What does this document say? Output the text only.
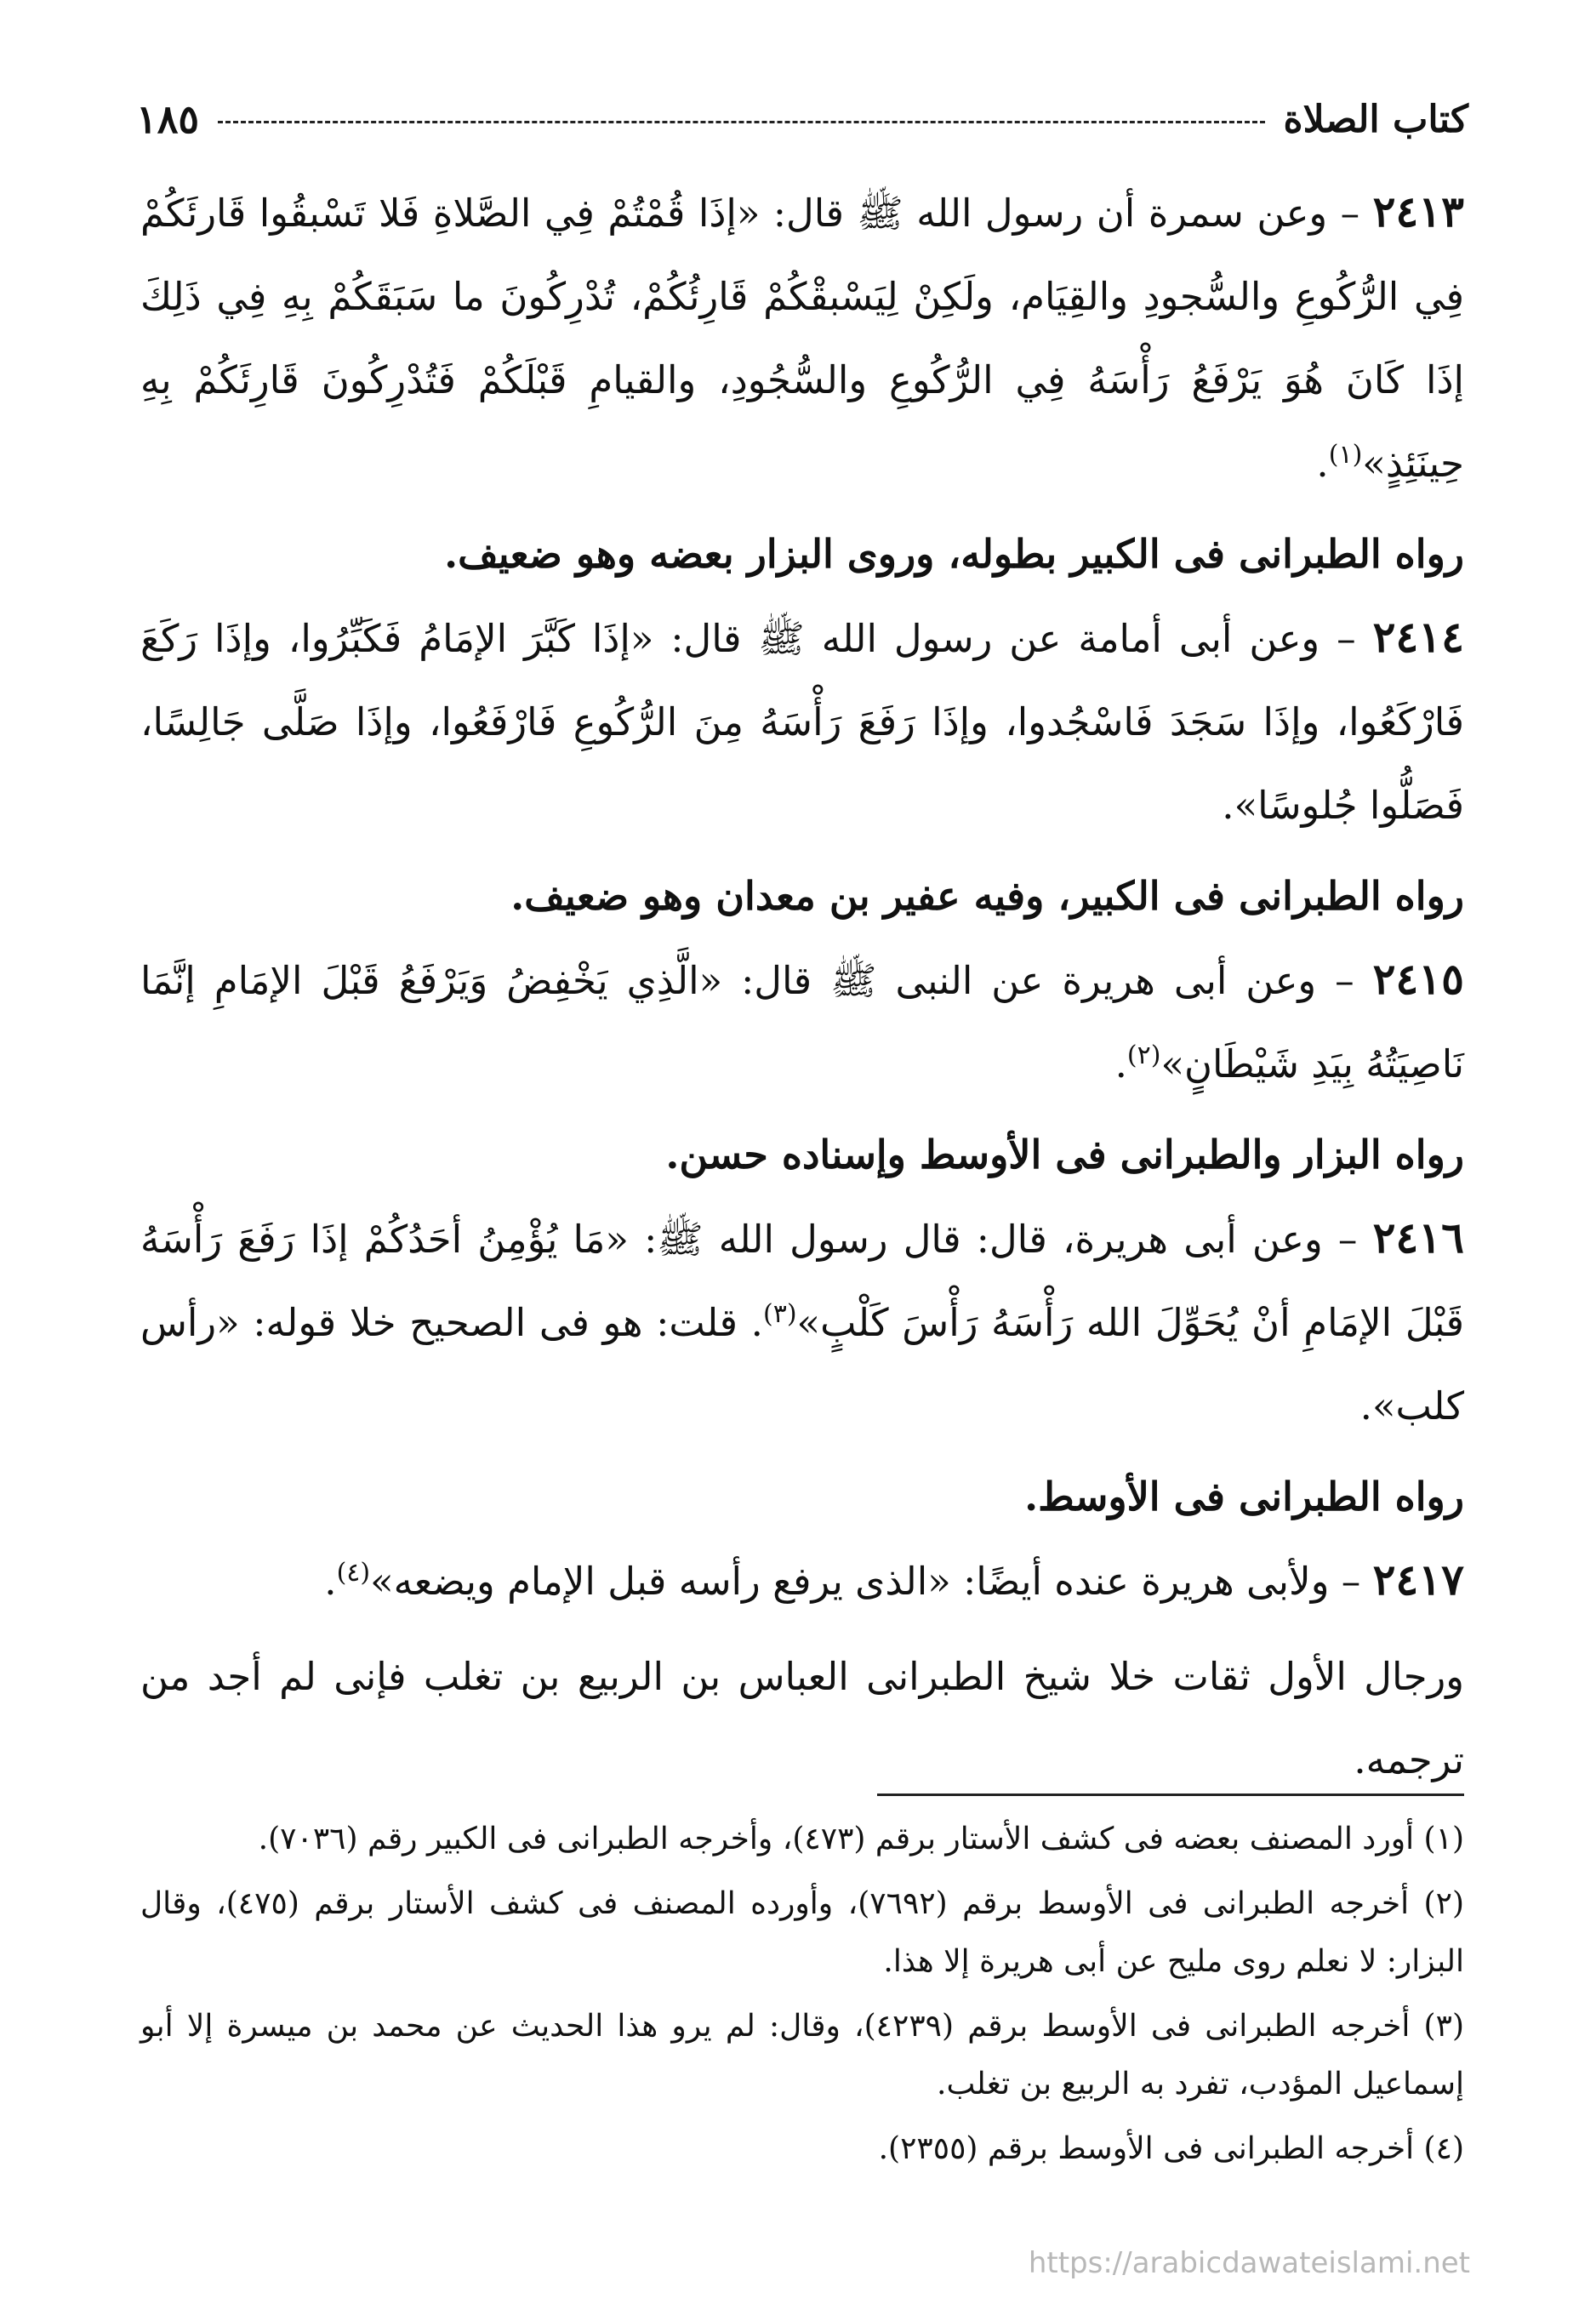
كتاب الصلاة
١٨٥

٢٤١٣ – وعن سمرة أن رسول الله ﷺ قال: «إذَا قُمْتُمْ فِي الصَّلاةِ فَلا تَسْبقُوا قَارئَكُمْ فِي الرُّكُوعِ والسُّجودِ والقِيَام، ولَكِنْ لِيَسْبقْكُمْ قَارِئُكُمْ، تُدْرِكُونَ ما سَبَقَكُمْ بِهِ فِي ذَلِكَ إذَا كَانَ هُوَ يَرْفَعُ رَأْسَهُ فِي الرُّكُوعِ والسُّجُودِ، والقيامِ قَبْلَكُمْ فَتُدْرِكُونَ قَارِئَكُمْ بِهِ حِينَئِذٍ»$^{(١)}$.

رواه الطبرانى فى الكبير بطوله، وروى البزار بعضه وهو ضعيف.

٢٤١٤ – وعن أبى أمامة عن رسول الله ﷺ قال: «إذَا كَبَّرَ الإمَامُ فَكَبِّرُوا، وإذَا رَكَعَ فَارْكَعُوا، وإذَا سَجَدَ فَاسْجُدوا، وإذَا رَفَعَ رَأْسَهُ مِنَ الرُّكُوعِ فَارْفَعُوا، وإذَا صَلَّى جَالِسًا، فَصَلُّوا جُلوسًا».

رواه الطبرانى فى الكبير، وفيه عفير بن معدان وهو ضعيف.

٢٤١٥ – وعن أبى هريرة عن النبى ﷺ قال: «الَّذِي يَخْفِضُ وَيَرْفَعُ قَبْلَ الإمَامِ إنَّمَا نَاصِيَتُهُ بِيَدِ شَيْطَانٍ»$^{(٢)}$.

رواه البزار والطبرانى فى الأوسط وإسناده حسن.

٢٤١٦ – وعن أبى هريرة، قال: قال رسول الله ﷺ: «مَا يُؤْمِنُ أحَدُكُمْ إذَا رَفَعَ رَأْسَهُ قَبْلَ الإمَامِ أنْ يُحَوِّلَ الله رَأْسَهُ رَأْسَ كَلْبٍ»$^{(٣)}$. قلت: هو فى الصحيح خلا قوله: «رأس كلب».

رواه الطبرانى فى الأوسط.

٢٤١٧ – ولأبى هريرة عنده أيضًا: «الذى يرفع رأسه قبل الإمام ويضعه»$^{(٤)}$.

ورجال الأول ثقات خلا شيخ الطبرانى العباس بن الربيع بن تغلب فإنى لم أجد من ترجمه.

(١) أورد المصنف بعضه فى كشف الأستار برقم (٤٧٣)، وأخرجه الطبرانى فى الكبير رقم (٧٠٣٦).

(٢) أخرجه الطبرانى فى الأوسط برقم (٧٦٩٢)، وأورده المصنف فى كشف الأستار برقم (٤٧٥)، وقال البزار: لا نعلم روى مليح عن أبى هريرة إلا هذا.

(٣) أخرجه الطبرانى فى الأوسط برقم (٤٢٣٩)، وقال: لم يرو هذا الحديث عن محمد بن ميسرة إلا أبو إسماعيل المؤدب، تفرد به الربيع بن تغلب.

(٤) أخرجه الطبرانى فى الأوسط برقم (٢٣٥٥).

https://arabicdawateislami.net
